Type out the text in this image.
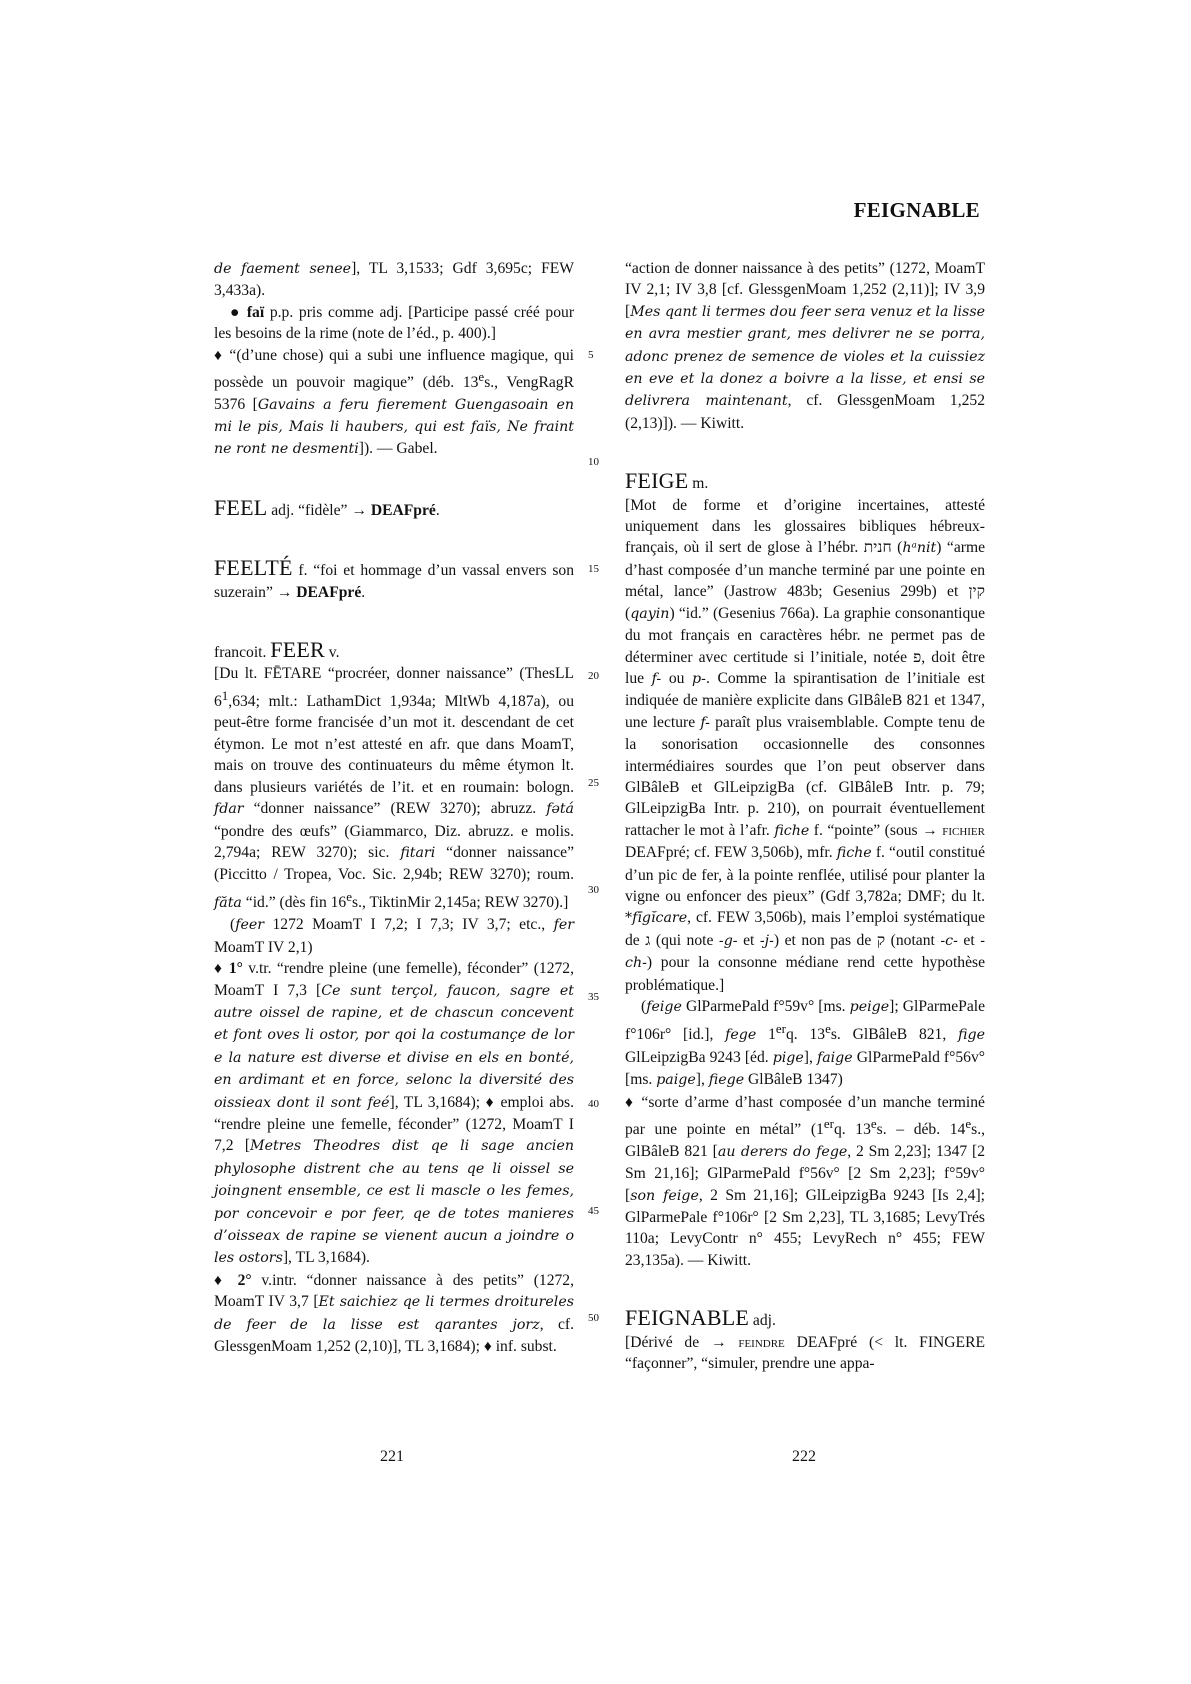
FEIGNABLE
5
10
15
20
25
30
35
40
45
50

de faement senee], TL 3,1533; Gdf 3,695c; FEW 3,433a).

● faï p.p. pris comme adj. [Participe passé créé pour les besoins de la rime (note de l’éd., p. 400).]

♦ “(d’une chose) qui a subi une influence magique, qui possède un pouvoir magique” (déb. 13es., VengRagR 5376 [Gavains a feru fierement Guengasoain en mi le pis, Mais li haubers, qui est faïs, Ne fraint ne ront ne desmenti]). — Gabel.

FEEL adj. “fidèle” → DEAFpré.

FEELTÉ f. “foi et hommage d’un vassal envers son suzerain” → DEAFpré.

francoit. FEER v.

[Du lt. FĒTARE “procréer, donner naissance” (ThesLL $6^1,634$; mlt.: LathamDict 1,934a; MltWb 4,187a), ou peut-être forme francisée d’un mot it. descendant de cet étymon. Le mot n’est attesté en afr. que dans MoamT, mais on trouve des continuateurs du même étymon lt. dans plusieurs variétés de l’it. et en roumain: bologn. fdar “donner naissance” (REW 3270); abruzz. fətá “pondre des œufs” (Giammarco, Diz. abruzz. e molis. 2,794a; REW 3270); sic. fitari “donner naissance” (Piccitto / Tropea, Voc. Sic. 2,94b; REW 3270); roum. făta “id.” (dès fin 16es., TiktinMir 2,145a; REW 3270).]

(feer 1272 MoamT I 7,2; I 7,3; IV 3,7; etc., fer MoamT IV 2,1)

♦ 1° v.tr. “rendre pleine (une femelle), féconder” (1272, MoamT I 7,3 [Ce sunt terçol, faucon, sagre et autre oissel de rapine, et de chascun concevent et font oves li ostor, por qoi la costumançe de lor e la nature est diverse et divise en els en bonté, en ardimant et en force, selonc la diversité des oissieax dont il sont feé], TL 3,1684); ♦ emploi abs. “rendre pleine une femelle, féconder” (1272, MoamT I 7,2 [Metres Theodres dist qe li sage ancien phylosophe distrent che au tens qe li oissel se joingnent ensemble, ce est li mascle o les femes, por concevoir e por feer, qe de totes manieres d’oisseax de rapine se vienent aucun a joindre o les ostors], TL 3,1684).

♦ 2° v.intr. “donner naissance à des petits” (1272, MoamT IV 3,7 [Et saichiez qe li termes droitureles de feer de la lisse est qarantes jorz, cf. GlessgenMoam 1,252 (2,10)], TL 3,1684); ♦ inf. subst.

“action de donner naissance à des petits” (1272, MoamT IV 2,1; IV 3,8 [cf. GlessgenMoam 1,252 (2,11)]; IV 3,9 [Mes qant li termes dou feer sera venuz et la lisse en avra mestier grant, mes delivrer ne se porra, adonc prenez de semence de violes et la cuissiez en eve et la donez a boivre a la lisse, et ensi se delivrera maintenant, cf. GlessgenMoam 1,252 (2,13)]). — Kiwitt.

FEIGE m.

[Mot de forme et d’origine incertaines, attesté uniquement dans les glossaires bibliques hébreux-français, où il sert de glose à l’hébr. חנית (hᵃnit) “arme d’hast composée d’un manche terminé par une pointe en métal, lance” (Jastrow 483b; Gesenius 299b) et קין (qayin) “id.” (Gesenius 766a). La graphie consonantique du mot français en caractères hébr. ne permet pas de déterminer avec certitude si l’initiale, notée פ, doit être lue f- ou p-. Comme la spirantisation de l’initiale est indiquée de manière explicite dans GlBâleB 821 et 1347, une lecture f- paraît plus vraisemblable. Compte tenu de la sonorisation occasionnelle des consonnes intermédiaires sourdes que l’on peut observer dans GlBâleB et GlLeipzigBa (cf. GlBâleB Intr. p. 79; GlLeipzigBa Intr. p. 210), on pourrait éventuellement rattacher le mot à l’afr. fiche f. “pointe” (sous → fichier DEAFpré; cf. FEW 3,506b), mfr. fiche f. “outil constitué d’un pic de fer, à la pointe renflée, utilisé pour planter la vigne ou enfoncer des pieux” (Gdf 3,782a; DMF; du lt. *fīgĭcare, cf. FEW 3,506b), mais l’emploi systématique de ג (qui note -g- et -j-) et non pas de ק (notant -c- et -ch-) pour la consonne médiane rend cette hypothèse problématique.]

(feige GlParmePald f°59v° [ms. peige]; GlParmePale f°106r° [id.], fege 1erq. 13es. GlBâleB 821, fige GlLeipzigBa 9243 [éd. pige], faige GlParmePald f°56v° [ms. paige], fiege GlBâleB 1347)

♦ “sorte d’arme d’hast composée d’un manche terminé par une pointe en métal” (1erq. 13es. – déb. 14es., GlBâleB 821 [au derers do fege, 2 Sm 2,23]; 1347 [2 Sm 21,16]; GlParmePald f°56v° [2 Sm 2,23]; f°59v° [son feige, 2 Sm 21,16]; GlLeipzigBa 9243 [Is 2,4]; GlParmePale f°106r° [2 Sm 2,23], TL 3,1685; LevyTrés 110a; LevyContr n° 455; LevyRech n° 455; FEW 23,135a). — Kiwitt.

FEIGNABLE adj.

[Dérivé de → feindre DEAFpré (< lt. FINGERE “façonner”, “simuler, prendre une appa-

221	222
